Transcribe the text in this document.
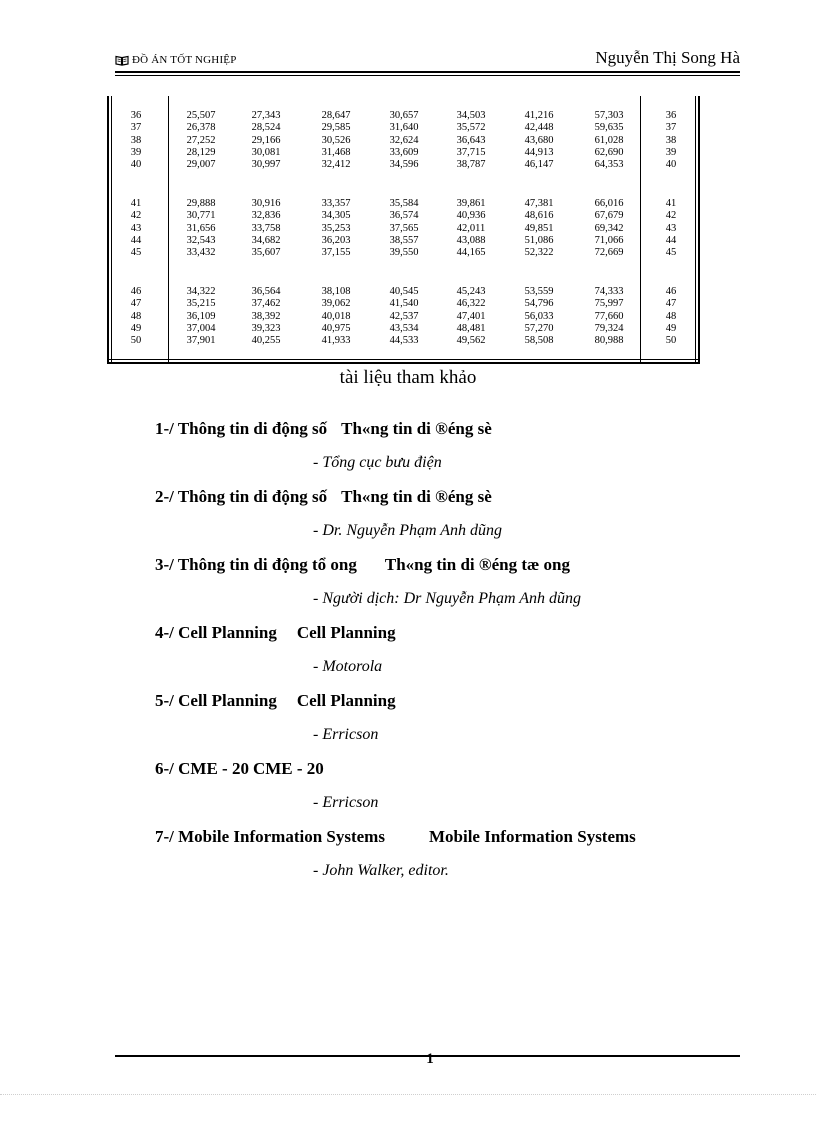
ĐỒ ÁN TỐT NGHIỆP	Nguyễn Thị Song Hà
36	25,507	27,343	28,647	30,657	34,503	41,216	57,303	36
37	26,378	28,524	29,585	31,640	35,572	42,448	59,635	37
38	27,252	29,166	30,526	32,624	36,643	43,680	61,028	38
39	28,129	30,081	31,468	33,609	37,715	44,913	62,690	39
40	29,007	30,997	32,412	34,596	38,787	46,147	64,353	40
41	29,888	30,916	33,357	35,584	39,861	47,381	66,016	41
42	30,771	32,836	34,305	36,574	40,936	48,616	67,679	42
43	31,656	33,758	35,253	37,565	42,011	49,851	69,342	43
44	32,543	34,682	36,203	38,557	43,088	51,086	71,066	44
45	33,432	35,607	37,155	39,550	44,165	52,322	72,669	45
46	34,322	36,564	38,108	40,545	45,243	53,559	74,333	46
47	35,215	37,462	39,062	41,540	46,322	54,796	75,997	47
48	36,109	38,392	40,018	42,537	47,401	56,033	77,660	48
49	37,004	39,323	40,975	43,534	48,481	57,270	79,324	49
50	37,901	40,255	41,933	44,533	49,562	58,508	80,988	50
tài liệu tham khảo
1-/ Thông tin di động số Th«ng tin di ®éng sè
- Tổng cục bưu điện
2-/ Thông tin di động số Th«ng tin di ®éng sè
- Dr. Nguyễn Phạm Anh dũng
3-/ Thông tin di động tổ ong Th«ng tin di ®éng tæ ong
- Người dịch: Dr Nguyễn Phạm Anh dũng
4-/ Cell Planning Cell Planning
- Motorola
5-/ Cell Planning Cell Planning
- Erricson
6-/ CME - 20 CME - 20
- Erricson
7-/ Mobile Information Systems	Mobile Information Systems
- John Walker, editor.
1
